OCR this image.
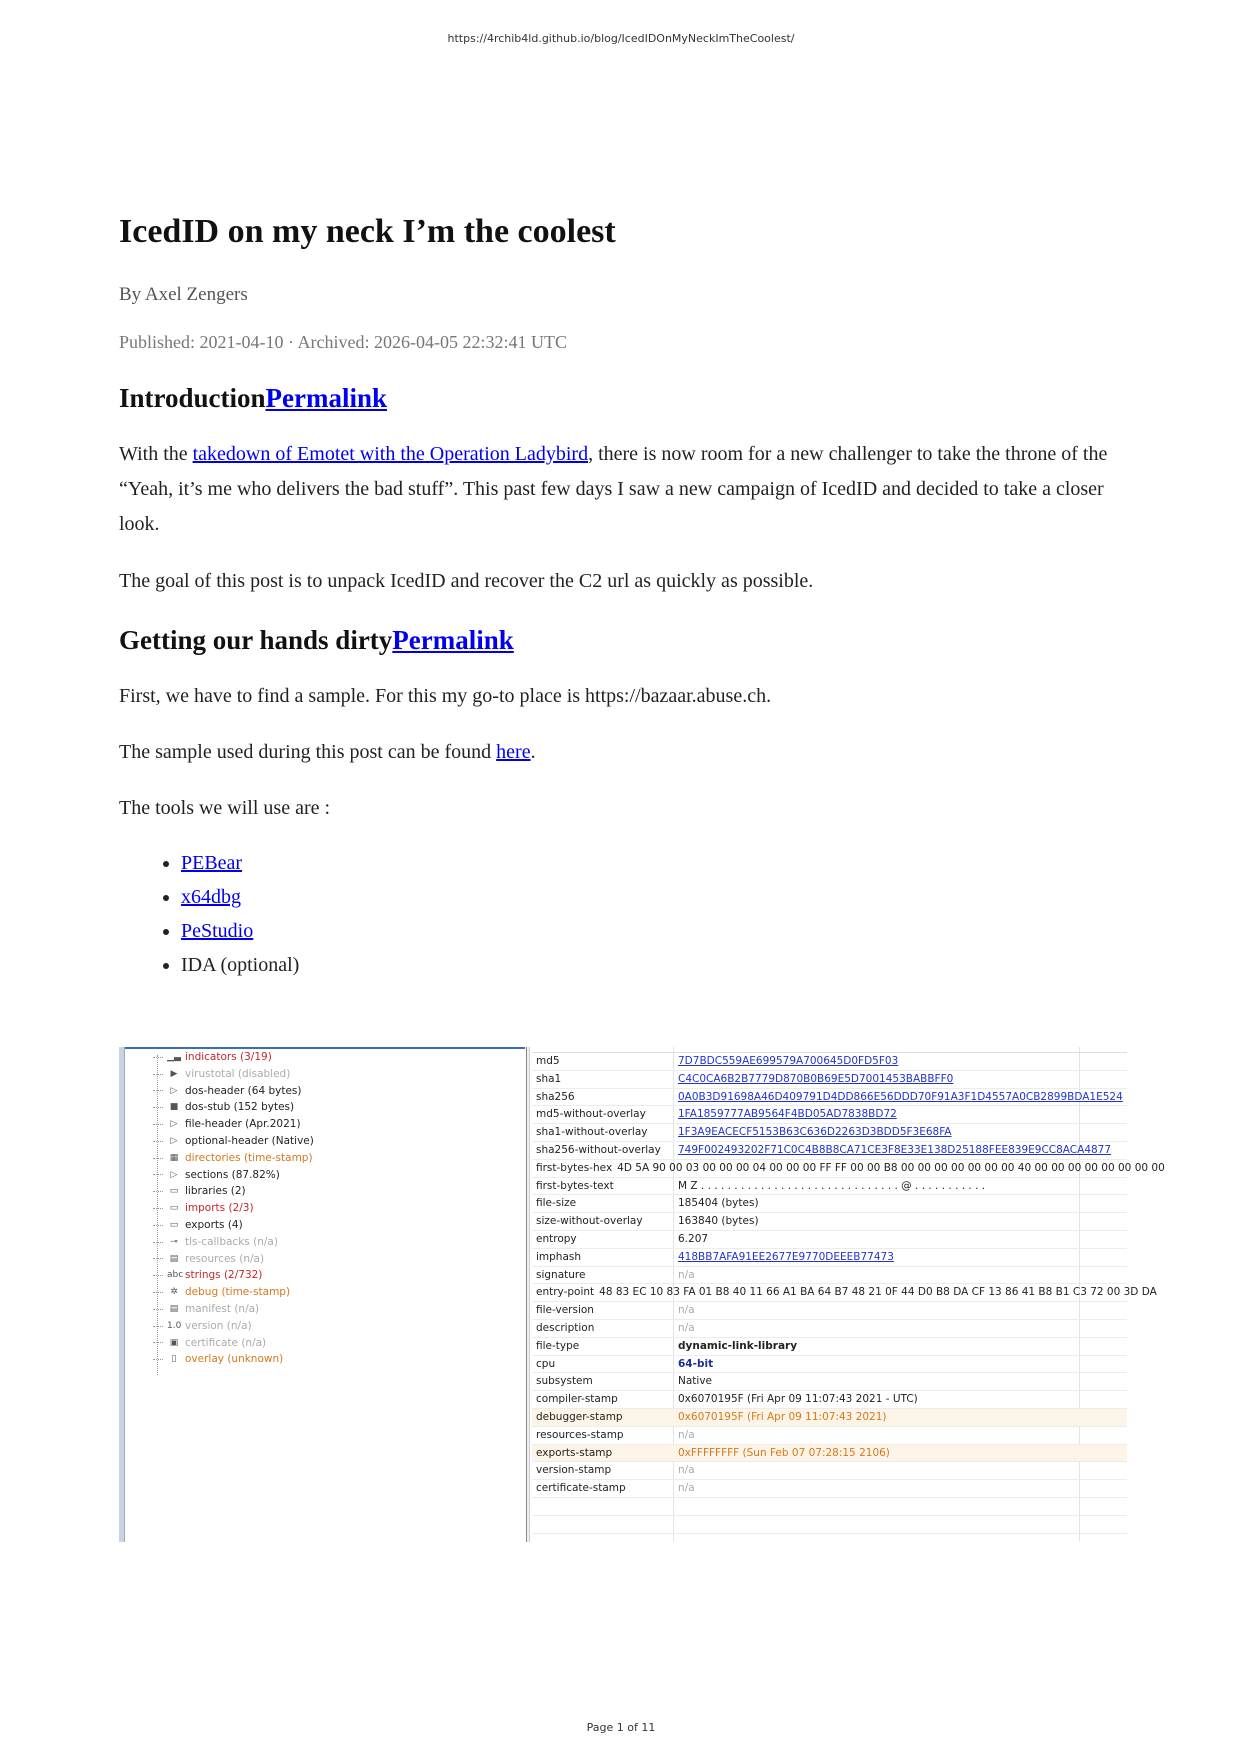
https://4rchib4ld.github.io/blog/IcedIDOnMyNeckImTheCoolest/
IcedID on my neck I’m the coolest
By Axel Zengers
Published: 2021-04-10 · Archived: 2026-04-05 22:32:41 UTC
IntroductionPermalink

With the takedown of Emotet with the Operation Ladybird, there is now room for a new challenger to take the throne of the “Yeah, it’s me who delivers the bad stuff”. This past few days I saw a new campaign of IcedID and decided to take a closer look.

The goal of this post is to unpack IcedID and recover the C2 url as quickly as possible.

Getting our hands dirtyPermalink

First, we have to find a sample. For this my go-to place is https://bazaar.abuse.ch.

The sample used during this post can be found here.

The tools we will use are :

• PEBear
• x64dbg
• PeStudio
• IDA (optional)
▁▃ indicators (3/19)
▶ virustotal (disabled)
▷ dos-header (64 bytes)
■ dos-stub (152 bytes)
▷ file-header (Apr.2021)
▷ optional-header (Native)
▦ directories (time-stamp)
▷ sections (87.82%)
▭ libraries (2)
▭ imports (2/3)
▭ exports (4)
⊸ tls-callbacks (n/a)
▤ resources (n/a)
abc strings (2/732)
✲ debug (time-stamp)
▤ manifest (n/a)
1.0 version (n/a)
▣ certificate (n/a)
▯ overlay (unknown)
md5	7D7BDC559AE699579A700645D0FD5F03
sha1	C4C0CA6B2B7779D870B0B69E5D7001453BABBFF0
sha256	0A0B3D91698A46D409791D4DD866E56DDD70F91A3F1D4557A0CB2899BDA1E524
md5-without-overlay	1FA1859777AB9564F4BD05AD7838BD72
sha1-without-overlay	1F3A9EACECF5153B63C636D2263D3BDD5F3E68FA
sha256-without-overlay	749F002493202F71C0C4B8B8CA71CE3F8E33E138D25188FEE839E9CC8ACA4877
first-bytes-hex 4D 5A 90 00 03 00 00 00 04 00 00 00 FF FF 00 00 B8 00 00 00 00 00 00 00 40 00 00 00 00 00 00 00 00
first-bytes-text	M Z . . . . . . . . . . . . . . . . . . . . . . . . . . . . . . @ . . . . . . . . . . .
file-size	185404 (bytes)
size-without-overlay	163840 (bytes)
entropy	6.207
imphash	418BB7AFA91EE2677E9770DEEEB77473
signature	n/a
entry-point 48 83 EC 10 83 FA 01 B8 40 11 66 A1 BA 64 B7 48 21 0F 44 D0 B8 DA CF 13 86 41 B8 B1 C3 72 00 3D DA
file-version	n/a
description	n/a
file-type	dynamic-link-library
cpu	64-bit
subsystem	Native
compiler-stamp	0x6070195F (Fri Apr 09 11:07:43 2021 - UTC)
debugger-stamp	0x6070195F (Fri Apr 09 11:07:43 2021)
resources-stamp	n/a
exports-stamp	0xFFFFFFFF (Sun Feb 07 07:28:15 2106)
version-stamp	n/a
certificate-stamp	n/a
Page 1 of 11
